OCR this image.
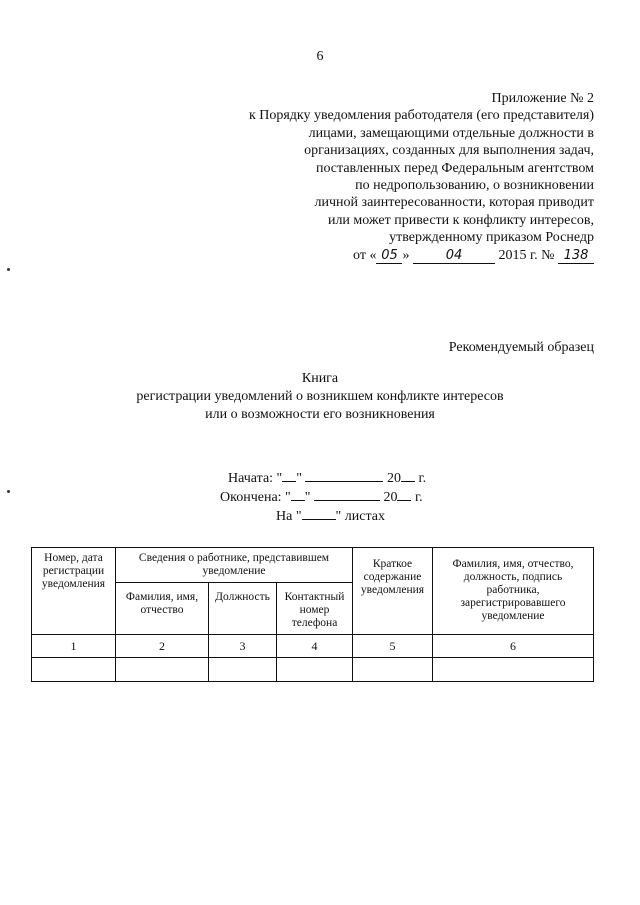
6
Приложение № 2
к Порядку уведомления работодателя (его представителя)
лицами, замещающими отдельные должности в
организациях, созданных для выполнения задач,
поставленных перед Федеральным агентством
по недропользованию, о возникновении
личной заинтересованности, которая приводит
или может привести к конфликту интересов,
утвержденному приказом Роснедр
от « 05 »	04	2015 г. № 138
Рекомендуемый образец
Книга
регистрации уведомлений о возникшем конфликте интересов
или о возможности его возникновения
Начата: " "	20 г.
Окончена: " "	20 г.
На " " листах
Номер, дата регистрации уведомления	Сведения о работнике, представившем уведомление			Краткое содержание уведомления	Фамилия, имя, отчество, должность, подпись работника, зарегистрировавшего уведомление
	Фамилия, имя, отчество	Должность	Контактный номер телефона		
1	2	3	4	5	6
